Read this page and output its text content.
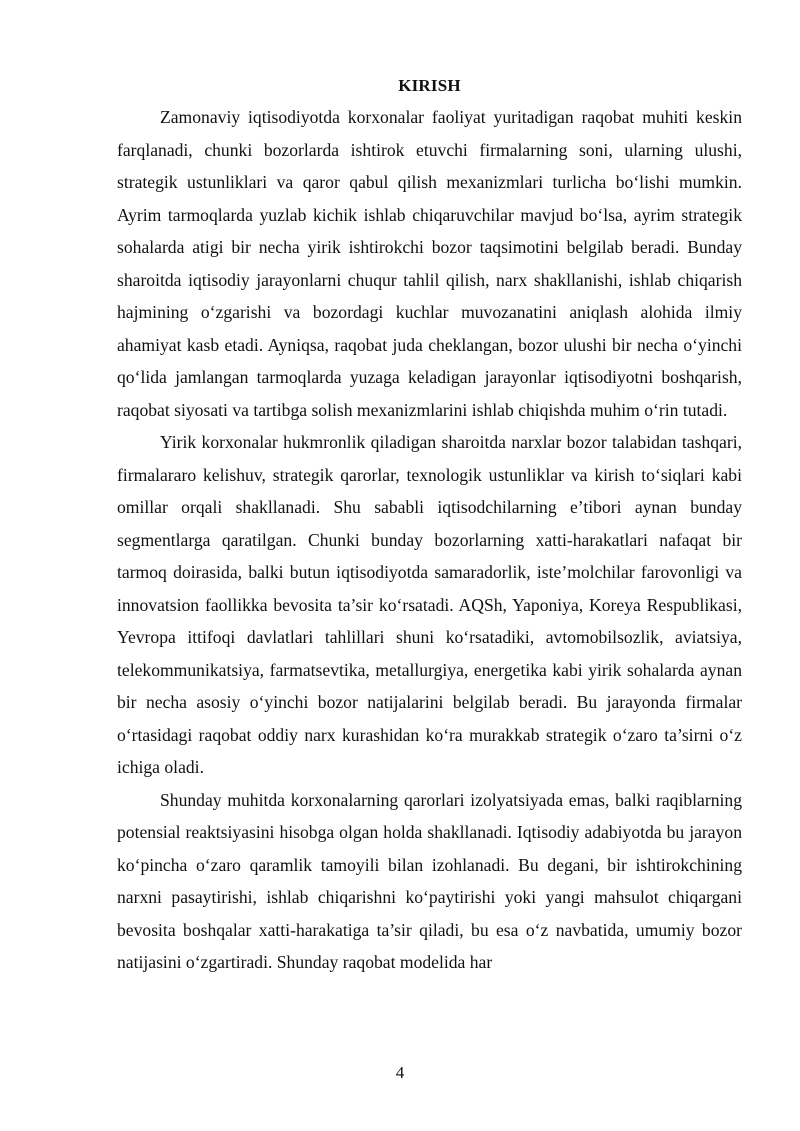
KIRISH

Zamonaviy iqtisodiyotda korxonalar faoliyat yuritadigan raqobat muhiti keskin farqlanadi, chunki bozorlarda ishtirok etuvchi firmalarning soni, ularning ulushi, strategik ustunliklari va qaror qabul qilish mexanizmlari turlicha bo‘lishi mumkin. Ayrim tarmoqlarda yuzlab kichik ishlab chiqaruvchilar mavjud bo‘lsa, ayrim strategik sohalarda atigi bir necha yirik ishtirokchi bozor taqsimotini belgilab beradi. Bunday sharoitda iqtisodiy jarayonlarni chuqur tahlil qilish, narx shakllanishi, ishlab chiqarish hajmining o‘zgarishi va bozordagi kuchlar muvozanatini aniqlash alohida ilmiy ahamiyat kasb etadi. Ayniqsa, raqobat juda cheklangan, bozor ulushi bir necha o‘yinchi qo‘lida jamlangan tarmoqlarda yuzaga keladigan jarayonlar iqtisodiyotni boshqarish, raqobat siyosati va tartibga solish mexanizmlarini ishlab chiqishda muhim o‘rin tutadi.

Yirik korxonalar hukmronlik qiladigan sharoitda narxlar bozor talabidan tashqari, firmalararo kelishuv, strategik qarorlar, texnologik ustunliklar va kirish to‘siqlari kabi omillar orqali shakllanadi. Shu sababli iqtisodchilarning e’tibori aynan bunday segmentlarga qaratilgan. Chunki bunday bozorlarning xatti-harakatlari nafaqat bir tarmoq doirasida, balki butun iqtisodiyotda samaradorlik, iste’molchilar farovonligi va innovatsion faollikka bevosita ta’sir ko‘rsatadi. AQSh, Yaponiya, Koreya Respublikasi, Yevropa ittifoqi davlatlari tahlillari shuni ko‘rsatadiki, avtomobilsozlik, aviatsiya, telekommunikatsiya, farmatsevtika, metallurgiya, energetika kabi yirik sohalarda aynan bir necha asosiy o‘yinchi bozor natijalarini belgilab beradi. Bu jarayonda firmalar o‘rtasidagi raqobat oddiy narx kurashidan ko‘ra murakkab strategik o‘zaro ta’sirni o‘z ichiga oladi.

Shunday muhitda korxonalarning qarorlari izolyatsiyada emas, balki raqiblarning potensial reaktsiyasini hisobga olgan holda shakllanadi. Iqtisodiy adabiyotda bu jarayon ko‘pincha o‘zaro qaramlik tamoyili bilan izohlanadi. Bu degani, bir ishtirokchining narxni pasaytirishi, ishlab chiqarishni ko‘paytirishi yoki yangi mahsulot chiqargani bevosita boshqalar xatti-harakatiga ta’sir qiladi, bu esa o‘z navbatida, umumiy bozor natijasini o‘zgartiradi. Shunday raqobat modelida har

4
